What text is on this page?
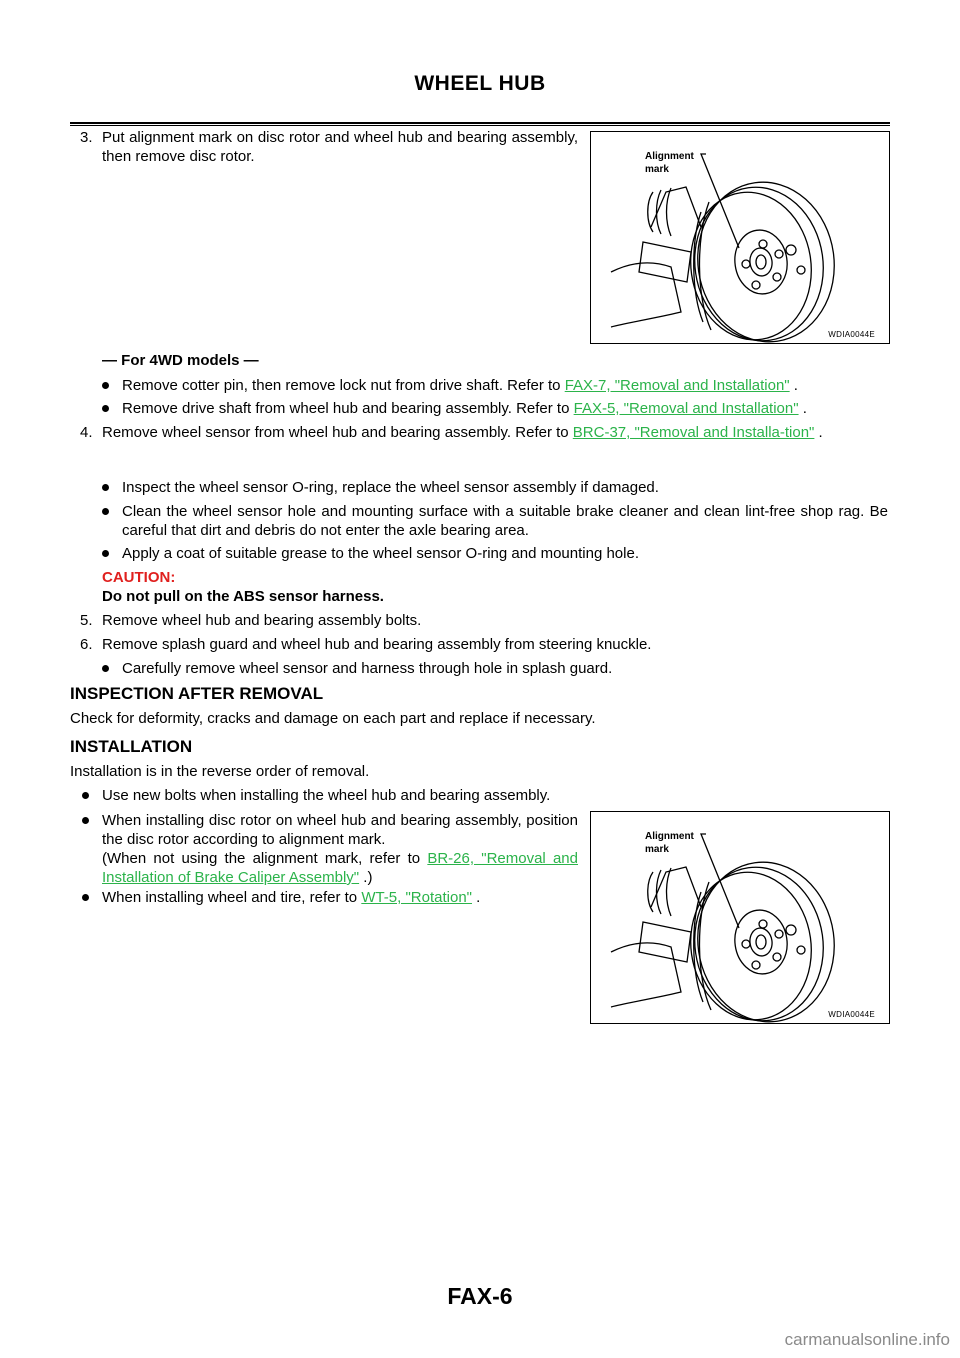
WHEEL HUB
Alignment
mark
WDIA0044E
3. Put alignment mark on disc rotor and wheel hub and bearing assembly, then remove disc rotor.
— For 4WD models —
Remove cotter pin, then remove lock nut from drive shaft. Refer to FAX-7, "Removal and Installation" .
Remove drive shaft from wheel hub and bearing assembly. Refer to FAX-5, "Removal and Installation" .
4. Remove wheel sensor from wheel hub and bearing assembly. Refer to BRC-37, "Removal and Installa-tion" .
Inspect the wheel sensor O-ring, replace the wheel sensor assembly if damaged.
Clean the wheel sensor hole and mounting surface with a suitable brake cleaner and clean lint-free shop rag. Be careful that dirt and debris do not enter the axle bearing area.
Apply a coat of suitable grease to the wheel sensor O-ring and mounting hole.
CAUTION:
Do not pull on the ABS sensor harness.
5. Remove wheel hub and bearing assembly bolts.
6. Remove splash guard and wheel hub and bearing assembly from steering knuckle.
Carefully remove wheel sensor and harness through hole in splash guard.
INSPECTION AFTER REMOVAL
Check for deformity, cracks and damage on each part and replace if necessary.
INSTALLATION
Installation is in the reverse order of removal.
Use new bolts when installing the wheel hub and bearing assembly.
When installing disc rotor on wheel hub and bearing assembly, position the disc rotor according to alignment mark.
(When not using the alignment mark, refer to BR-26, "Removal and Installation of Brake Caliper Assembly" .)
When installing wheel and tire, refer to WT-5, "Rotation" .
Alignment
mark
WDIA0044E
FAX-6
carmanualsonline.info
